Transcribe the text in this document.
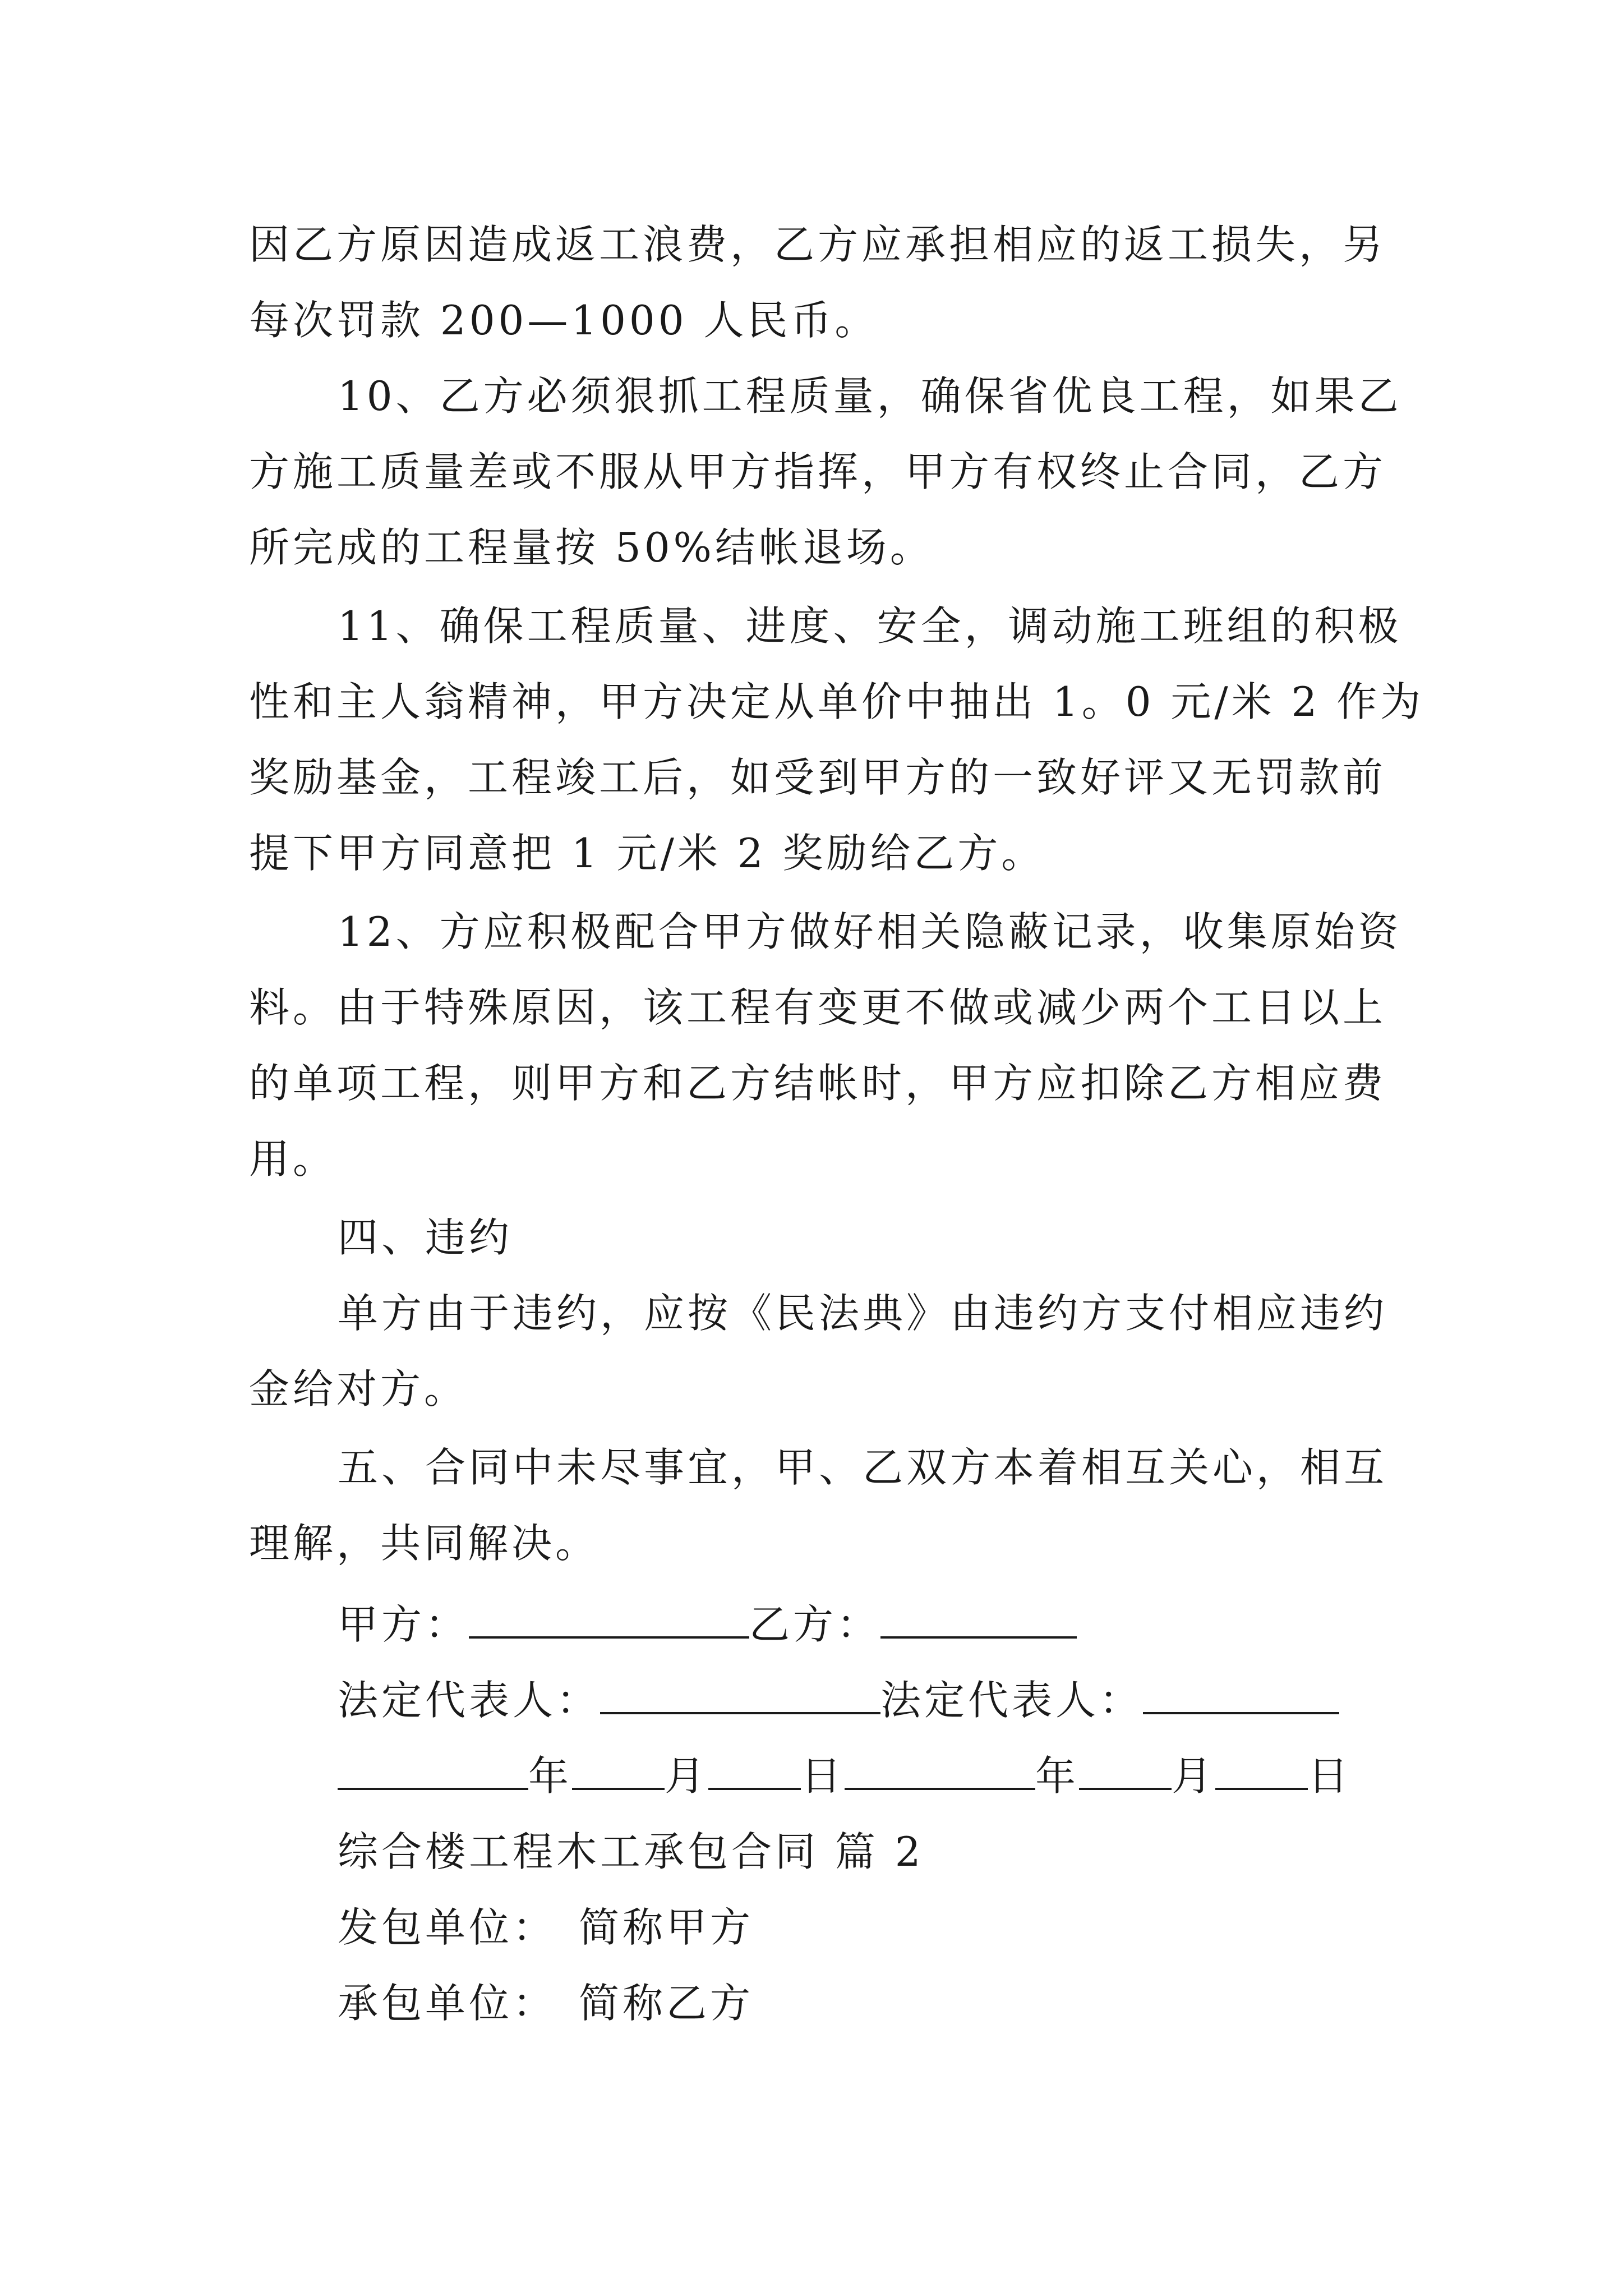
因乙方原因造成返工浪费，乙方应承担相应的返工损失，另
每次罚款 200—1000 人民币。
10、乙方必须狠抓工程质量，确保省优良工程，如果乙
方施工质量差或不服从甲方指挥，甲方有权终止合同，乙方
所完成的工程量按 50%结帐退场。
11、确保工程质量、进度、安全，调动施工班组的积极
性和主人翁精神，甲方决定从单价中抽出 1。0 元/米 2 作为
奖励基金，工程竣工后，如受到甲方的一致好评又无罚款前
提下甲方同意把 1 元/米 2 奖励给乙方。
12、方应积极配合甲方做好相关隐蔽记录，收集原始资
料。由于特殊原因，该工程有变更不做或减少两个工日以上
的单项工程，则甲方和乙方结帐时，甲方应扣除乙方相应费
用。
四、违约
单方由于违约，应按《民法典》由违约方支付相应违约
金给对方。
五、合同中未尽事宜，甲、乙双方本着相互关心，相互
理解，共同解决。
甲方：	乙方：
法定代表人：	法定代表人：
年 月 日	年 月 日
综合楼工程木工承包合同 篇 2
发包单位： 简称甲方
承包单位： 简称乙方
